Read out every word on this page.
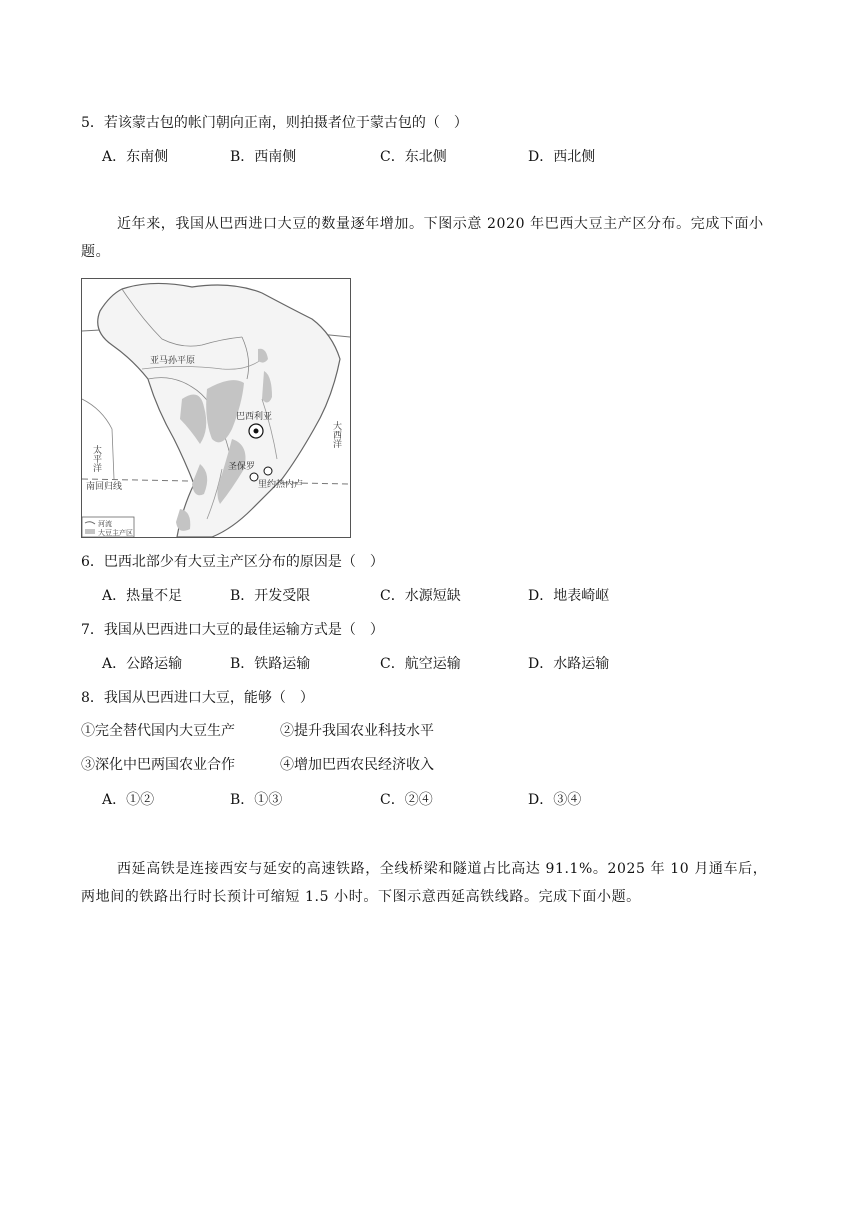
5．若该蒙古包的帐门朝向正南，则拍摄者位于蒙古包的（　）
A．东南侧	B．西南侧	C．东北侧	D．西北侧
近年来，我国从巴西进口大豆的数量逐年增加。下图示意 2020 年巴西大豆主产区分布。完成下面小题。
亚马孙平原
巴西利亚
大西洋
太平洋	圣保罗
里约热内卢
南回归线
河流
大豆主产区
6．巴西北部少有大豆主产区分布的原因是（　）
A．热量不足	B．开发受限	C．水源短缺	D．地表崎岖
7．我国从巴西进口大豆的最佳运输方式是（　）
A．公路运输	B．铁路运输	C．航空运输	D．水路运输
8．我国从巴西进口大豆，能够（　）
①完全替代国内大豆生产	②提升我国农业科技水平
③深化中巴两国农业合作	④增加巴西农民经济收入
A．①②	B．①③	C．②④	D．③④
西延高铁是连接西安与延安的高速铁路，全线桥梁和隧道占比高达 91.1%。2025 年 10 月通车后，两地间的铁路出行时长预计可缩短 1.5 小时。下图示意西延高铁线路。完成下面小题。
